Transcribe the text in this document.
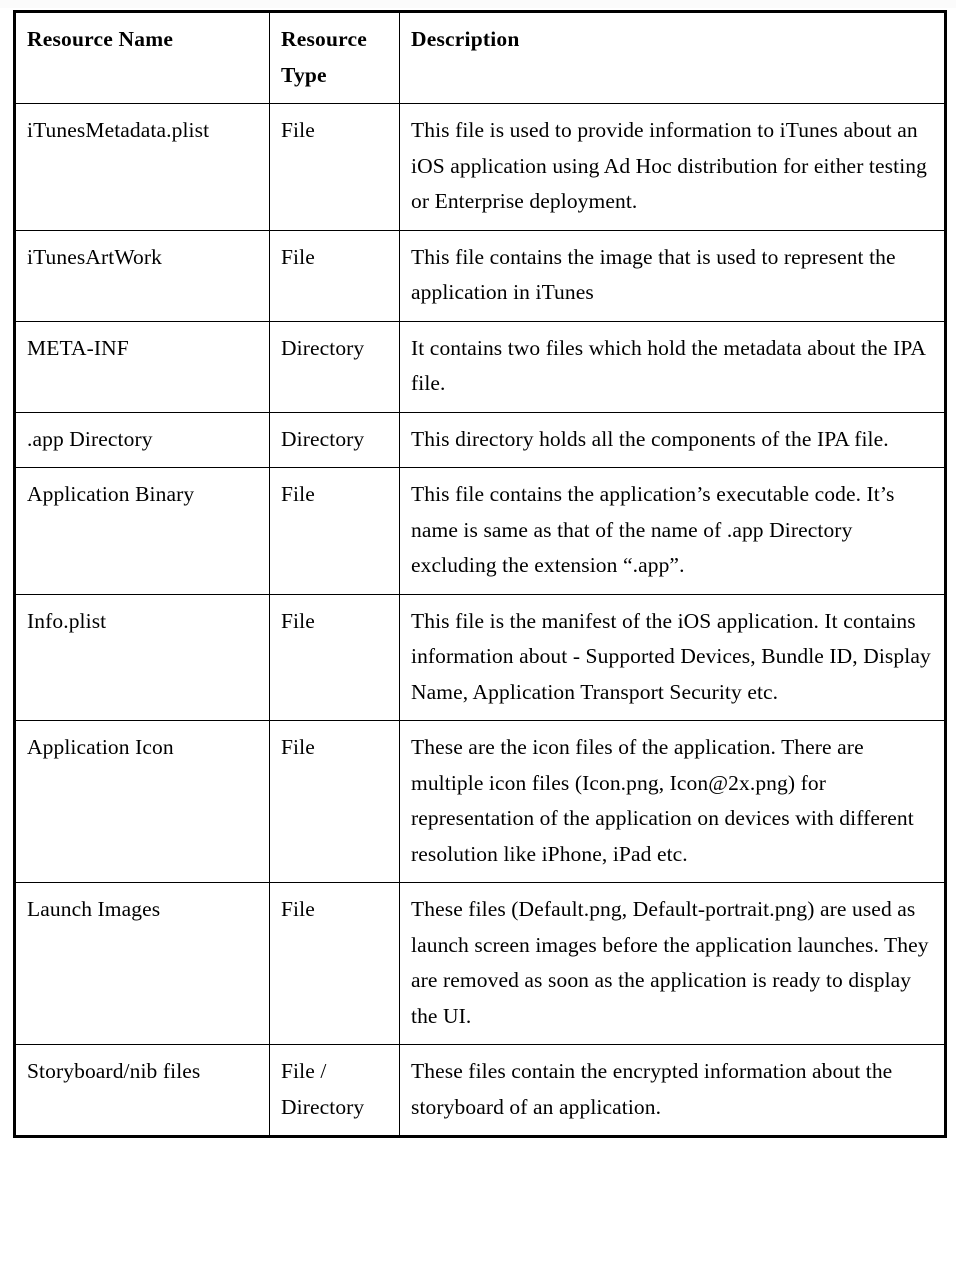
Resource Name	Resource Type	Description
iTunesMetadata.plist	File	This file is used to provide information to iTunes about an iOS application using Ad Hoc distribution for either testing or Enterprise deployment.
iTunesArtWork	File	This file contains the image that is used to represent the application in iTunes
META-INF	Directory	It contains two files which hold the metadata about the IPA file.
.app Directory	Directory	This directory holds all the components of the IPA file.
Application Binary	File	This file contains the application’s executable code. It’s name is same as that of the name of .app Directory excluding the extension “.app”.
Info.plist	File	This file is the manifest of the iOS application. It contains information about - Supported Devices, Bundle ID, Display Name, Application Transport Security etc.
Application Icon	File	These are the icon files of the application. There are multiple icon files (Icon.png, Icon@2x.png) for representation of the application on devices with different resolution like iPhone, iPad etc.
Launch Images	File	These files (Default.png, Default-portrait.png) are used as launch screen images before the application launches. They are removed as soon as the application is ready to display the UI.
Storyboard/nib files	File / Directory	These files contain the encrypted information about the storyboard of an application.
